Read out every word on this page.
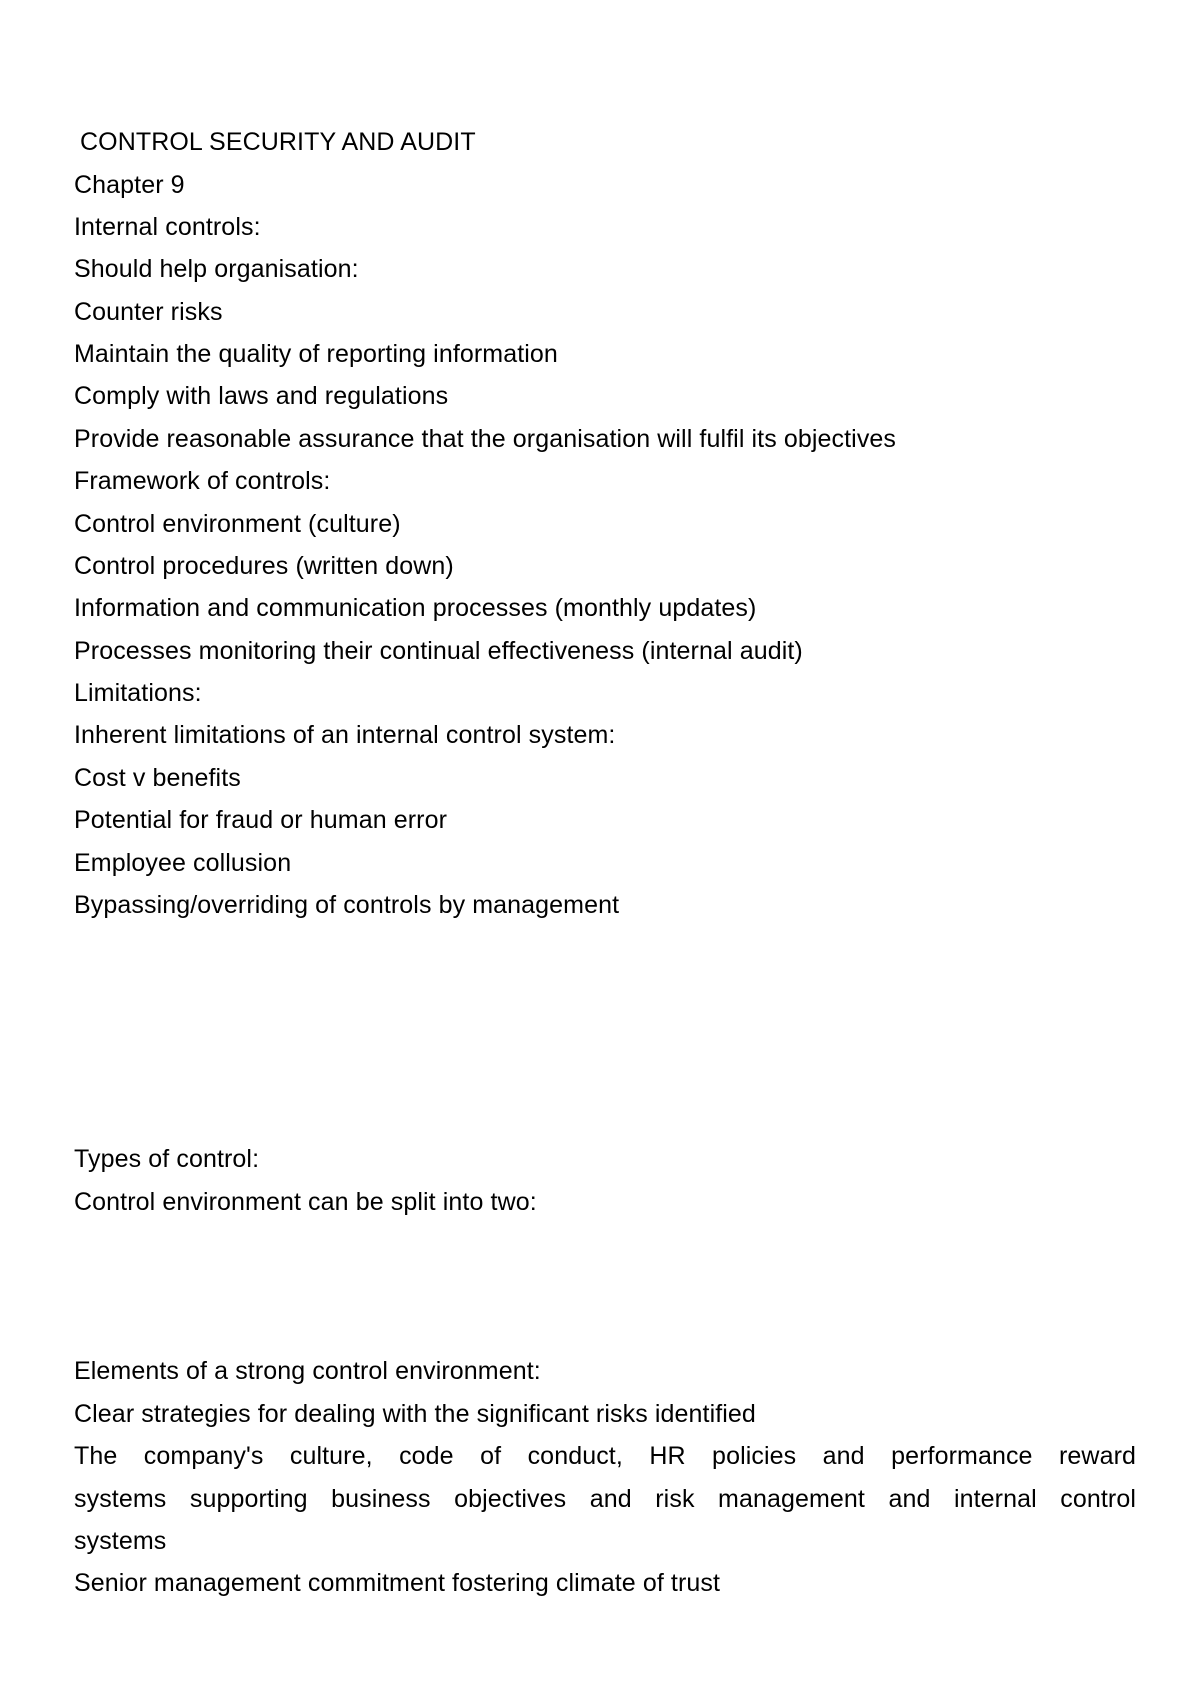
CONTROL SECURITY AND AUDIT
Chapter 9
Internal controls:
Should help organisation:
Counter risks
Maintain the quality of reporting information
Comply with laws and regulations
Provide reasonable assurance that the organisation will fulfil its objectives
Framework of controls:
Control environment (culture)
Control procedures (written down)
Information and communication processes (monthly updates)
Processes monitoring their continual effectiveness (internal audit)
Limitations:
Inherent limitations of an internal control system:
Cost v benefits
Potential for fraud or human error
Employee collusion
Bypassing/overriding of controls by management
Types of control:
Control environment can be split into two:
Elements of a strong control environment:
Clear strategies for dealing with the significant risks identified
The company's culture, code of conduct, HR policies and performance reward
systems supporting business objectives and risk management and internal control
systems
Senior management commitment fostering climate of trust
